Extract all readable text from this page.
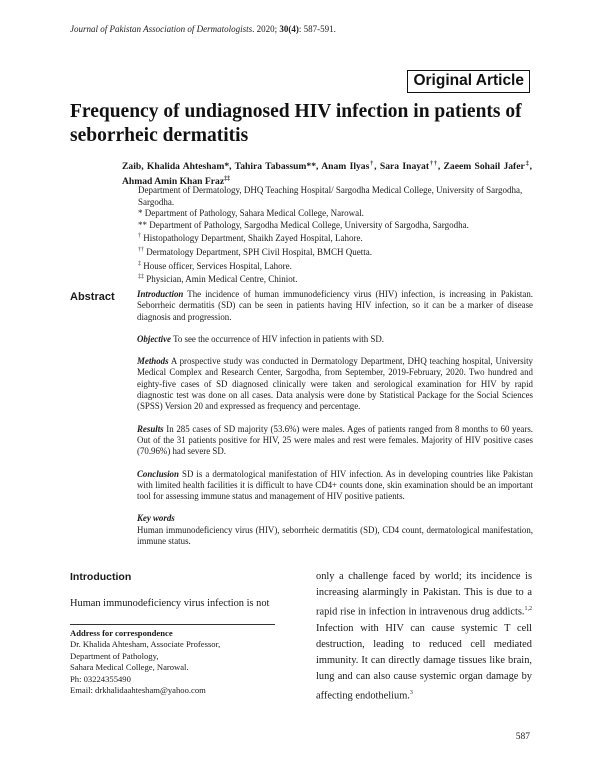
Journal of Pakistan Association of Dermatologists. 2020; 30(4): 587-591.
Original Article
Frequency of undiagnosed HIV infection in patients of seborrheic dermatitis

Zaib, Khalida Ahtesham*, Tahira Tabassum**, Anam Ilyas†, Sara Inayat††, Zaeem Sohail Jafer‡, Ahmad Amin Khan Fraz‡‡

Department of Dermatology, DHQ Teaching Hospital/ Sargodha Medical College, University of Sargodha, Sargodha.
* Department of Pathology, Sahara Medical College, Narowal.
** Department of Pathology, Sargodha Medical College, University of Sargodha, Sargodha.
† Histopathology Department, Shaikh Zayed Hospital, Lahore.
†† Dermatology Department, SPH Civil Hospital, BMCH Quetta.
‡ House officer, Services Hospital, Lahore.
‡‡ Physician, Amin Medical Centre, Chiniot.
Abstract	Introduction The incidence of human immunodeficiency virus (HIV) infection, is increasing in Pakistan. Seborrheic dermatitis (SD) can be seen in patients having HIV infection, so it can be a marker of disease diagnosis and progression.

Objective To see the occurrence of HIV infection in patients with SD.

Methods A prospective study was conducted in Dermatology Department, DHQ teaching hospital, University Medical Complex and Research Center, Sargodha, from September, 2019-February, 2020. Two hundred and eighty-five cases of SD diagnosed clinically were taken and serological examination for HIV by rapid diagnostic test was done on all cases. Data analysis were done by Statistical Package for the Social Sciences (SPSS) Version 20 and expressed as frequency and percentage.

Results In 285 cases of SD majority (53.6%) were males. Ages of patients ranged from 8 months to 60 years. Out of the 31 patients positive for HIV, 25 were males and rest were females. Majority of HIV positive cases (70.96%) had severe SD.

Conclusion SD is a dermatological manifestation of HIV infection. As in developing countries like Pakistan with limited health facilities it is difficult to have CD4+ counts done, skin examination should be an important tool for assessing immune status and management of HIV positive patients.

Key words
Human immunodeficiency virus (HIV), seborrheic dermatitis (SD), CD4 count, dermatological manifestation, immune status.

Introduction

Human immunodeficiency virus infection is not

Address for correspondence
Dr. Khalida Ahtesham, Associate Professor,
Department of Pathology,
Sahara Medical College, Narowal.
Ph: 03224355490
Email: drkhalidaahtesham@yahoo.com
only a challenge faced by world; its incidence is increasing alarmingly in Pakistan. This is due to a rapid rise in infection in intravenous drug addicts.$^{1,2}$ Infection with HIV can cause systemic T cell destruction, leading to reduced cell mediated immunity. It can directly damage tissues like brain, lung and can also cause systemic organ damage by affecting endothelium.$^3$
587
